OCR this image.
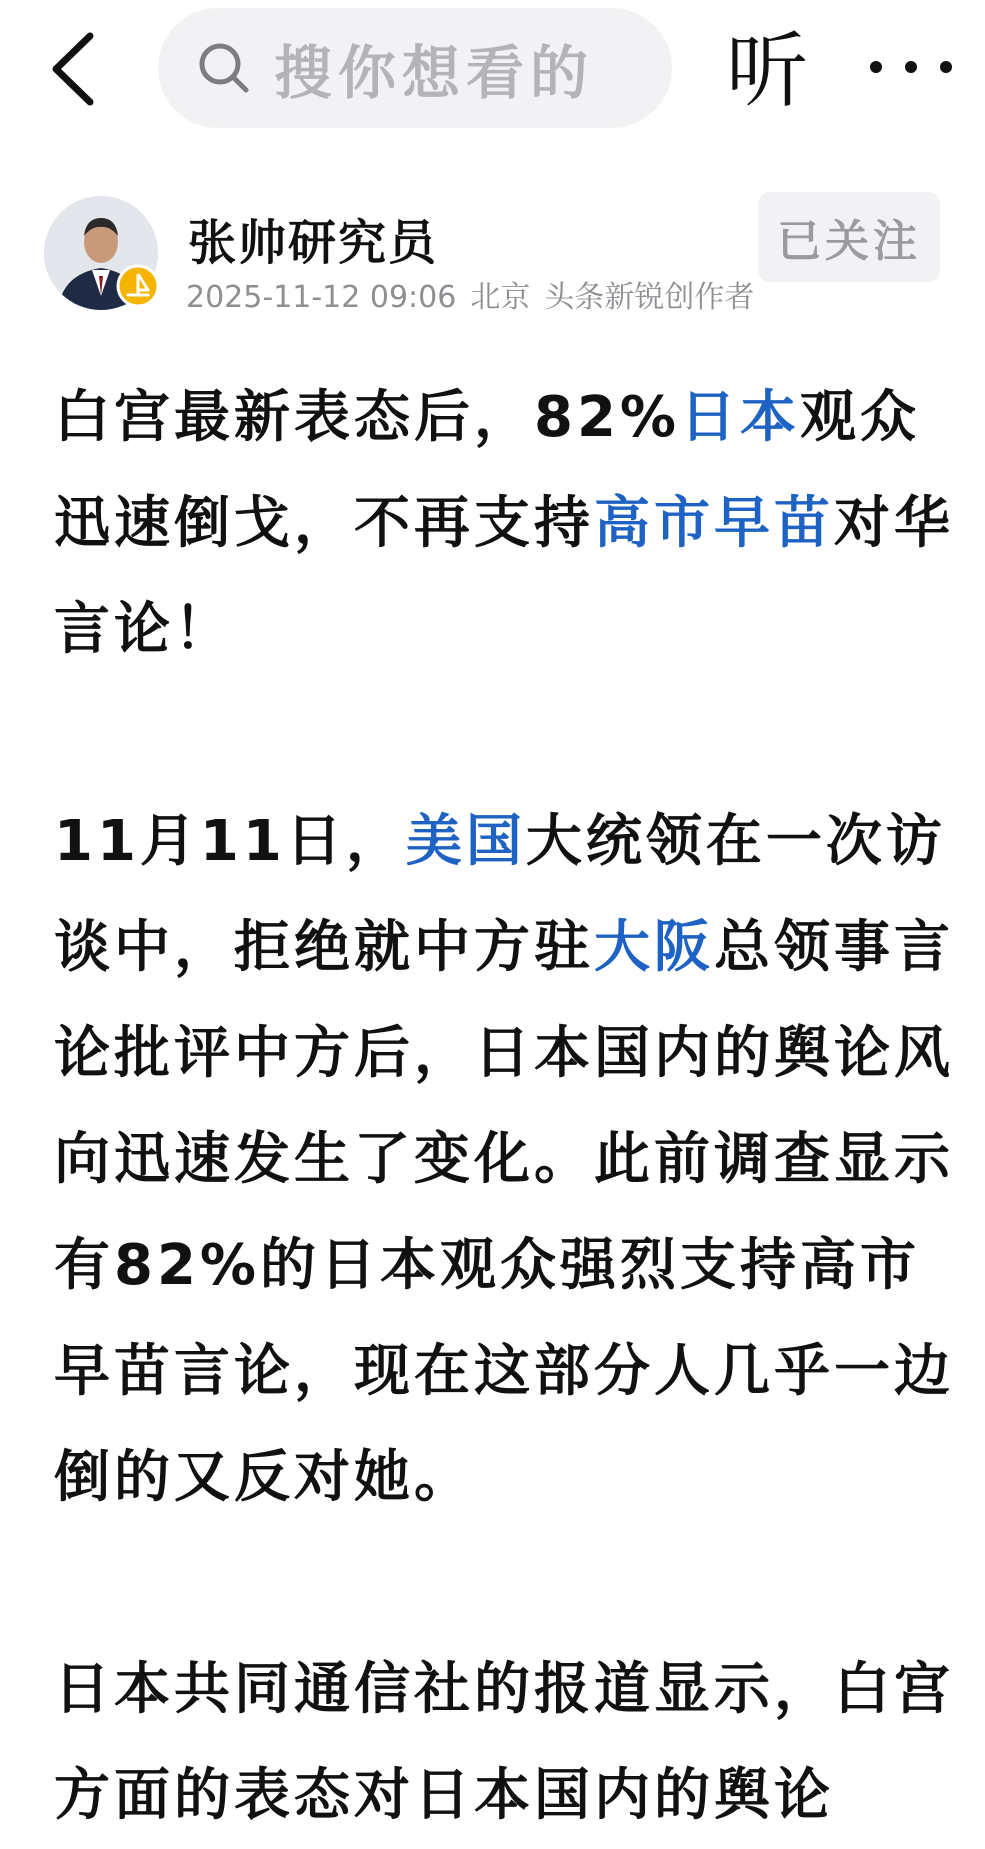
搜你想看的 听
张帅研究员
2025-11-12 09:06 北京 头条新锐创作者
已关注

白宫最新表态后，82%日本观众迅速倒戈，不再支持高市早苗对华言论！

11月11日，美国大统领在一次访谈中，拒绝就中方驻大阪总领事言论批评中方后，日本国内的舆论风向迅速发生了变化。此前调查显示有82%的日本观众强烈支持高市早苗言论，现在这部分人几乎一边倒的又反对她。

日本共同通信社的报道显示，白宫方面的表态对日本国内的舆论
